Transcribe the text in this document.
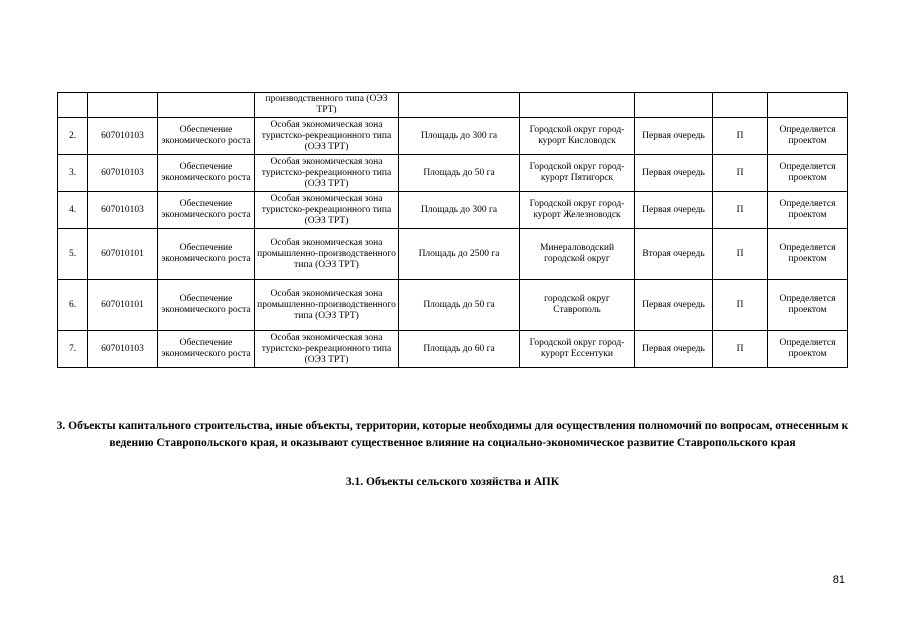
			производственного типа (ОЭЗ ТРТ)					
2.	607010103	Обеспечение экономического роста	Особая экономическая зона туристско-рекреационного типа (ОЭЗ ТРТ)	Площадь до 300 га	Городской округ город-курорт Кисловодск	Первая очередь	П	Определяется проектом
3.	607010103	Обеспечение экономического роста	Особая экономическая зона туристско-рекреационного типа (ОЭЗ ТРТ)	Площадь до 50 га	Городской округ город-курорт Пятигорск	Первая очередь	П	Определяется проектом
4.	607010103	Обеспечение экономического роста	Особая экономическая зона туристско-рекреационного типа (ОЭЗ ТРТ)	Площадь до 300 га	Городской округ город-курорт Железноводск	Первая очередь	П	Определяется проектом
5.	607010101	Обеспечение экономического роста	Особая экономическая зона промышленно-производственного типа (ОЭЗ ТРТ)	Площадь до 2500 га	Минераловодский городской округ	Вторая очередь	П	Определяется проектом
6.	607010101	Обеспечение экономического роста	Особая экономическая зона промышленно-производственного типа (ОЭЗ ТРТ)	Площадь до 50 га	городской округ Ставрополь	Первая очередь	П	Определяется проектом
7.	607010103	Обеспечение экономического роста	Особая экономическая зона туристско-рекреационного типа (ОЭЗ ТРТ)	Площадь до 60 га	Городской округ город-курорт Ессентуки	Первая очередь	П	Определяется проектом
3. Объекты капитального строительства, иные объекты, территории, которые необходимы для осуществления полномочий по вопросам, отнесенным к ведению Ставропольского края, и оказывают существенное влияние на социально-экономическое развитие Ставропольского края
3.1. Объекты сельского хозяйства и АПК
81
